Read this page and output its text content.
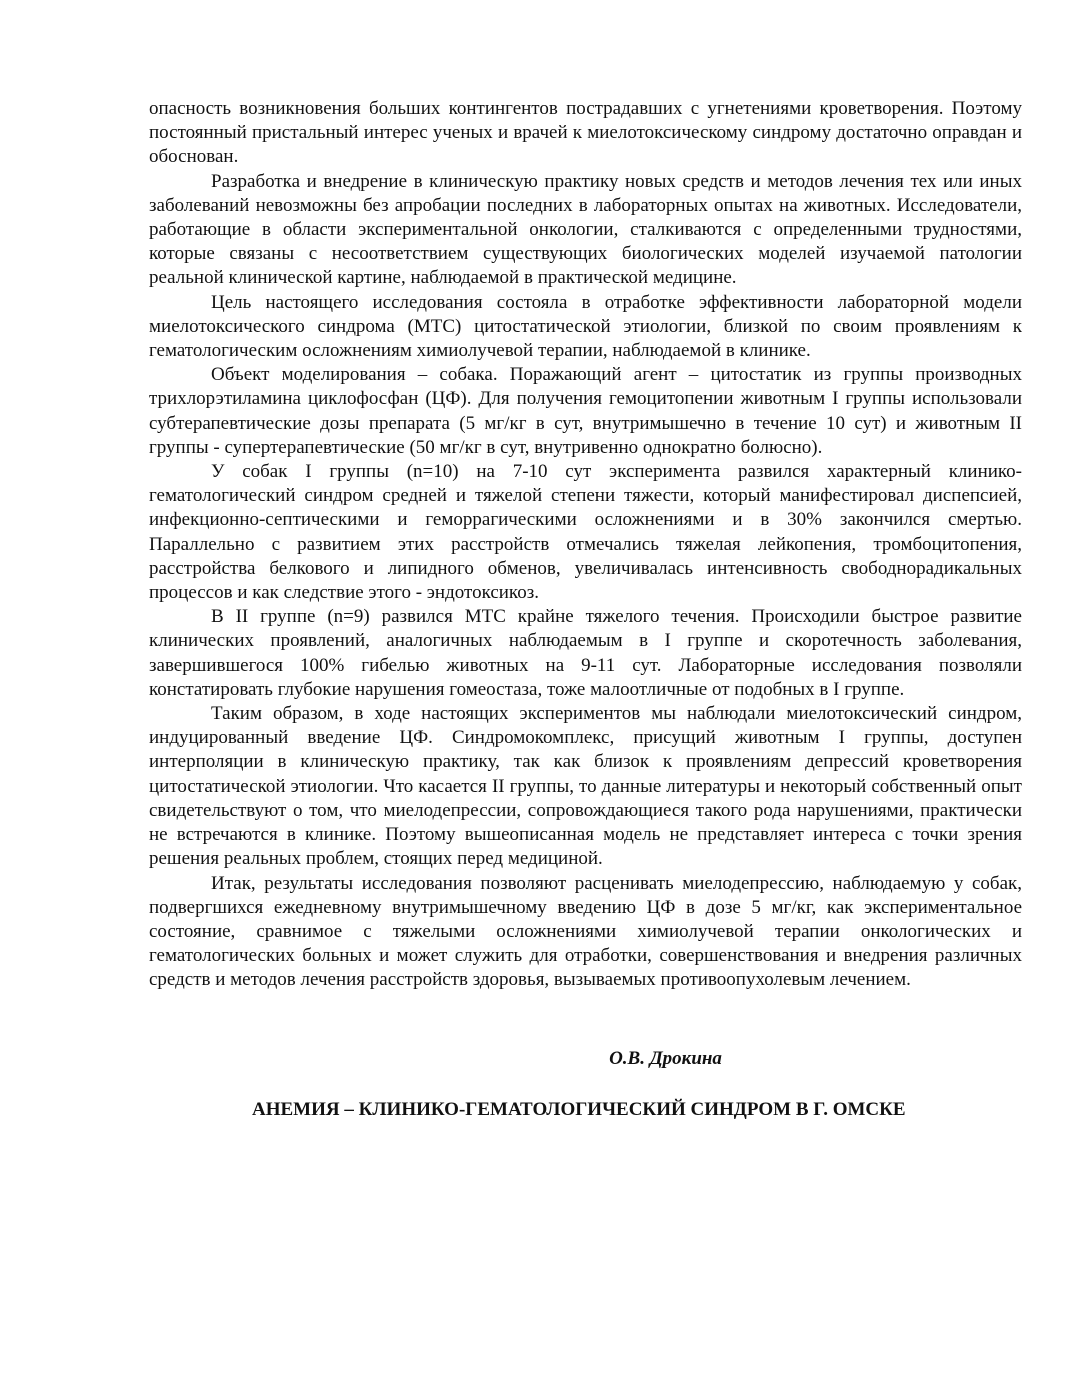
опасность возникновения больших контингентов пострадавших с угнетениями кроветворения. Поэтому постоянный пристальный интерес ученых и врачей к миелотоксическому синдрому достаточно оправдан и обоснован.

Разработка и внедрение в клиническую практику новых средств и методов лечения тех или иных заболеваний невозможны без апробации последних в лабораторных опытах на животных. Исследователи, работающие в области экспериментальной онкологии, сталкиваются с определенными трудностями, которые связаны с несоответствием существующих биологических моделей изучаемой патологии реальной клинической картине, наблюдаемой в практической медицине.

Цель настоящего исследования состояла в отработке эффективности лабораторной модели миелотоксического синдрома (МТС) цитостатической этиологии, близкой по своим проявлениям к гематологическим осложнениям химиолучевой терапии, наблюдаемой в клинике.

Объект моделирования – собака. Поражающий агент – цитостатик из группы производных трихлорэтиламина циклофосфан (ЦФ). Для получения гемоцитопении животным I группы использовали субтерапевтические дозы препарата (5 мг/кг в сут, внутримышечно в течение 10 сут) и животным II группы - супертерапевтические (50 мг/кг в сут, внутривенно однократно болюсно).

У собак I группы (n=10) на 7-10 сут эксперимента развился характерный клинико-гематологический синдром средней и тяжелой степени тяжести, который манифестировал диспепсией, инфекционно-септическими и геморрагическими осложнениями и в 30% закончился смертью. Параллельно с развитием этих расстройств отмечались тяжелая лейкопения, тромбоцитопения, расстройства белкового и липидного обменов, увеличивалась интенсивность свободнорадикальных процессов и как следствие этого - эндотоксикоз.

В II группе (n=9) развился МТС крайне тяжелого течения. Происходили быстрое развитие клинических проявлений, аналогичных наблюдаемым в I группе и скоротечность заболевания, завершившегося 100% гибелью животных на 9-11 сут. Лабораторные исследования позволяли констатировать глубокие нарушения гомеостаза, тоже малоотличные от подобных в I группе.

Таким образом, в ходе настоящих экспериментов мы наблюдали миелотоксический синдром, индуцированный введение ЦФ. Синдромокомплекс, присущий животным I группы, доступен интерполяции в клиническую практику, так как близок к проявлениям депрессий кроветворения цитостатической этиологии. Что касается II группы, то данные литературы и некоторый собственный опыт свидетельствуют о том, что миелодепрессии, сопровождающиеся такого рода нарушениями, практически не встречаются в клинике. Поэтому вышеописанная модель не представляет интереса с точки зрения решения реальных проблем, стоящих перед медициной.

Итак, результаты исследования позволяют расценивать миелодепрессию, наблюдаемую у собак, подвергшихся ежедневному внутримышечному введению ЦФ в дозе 5 мг/кг, как экспериментальное состояние, сравнимое с тяжелыми осложнениями химиолучевой терапии онкологических и гематологических больных и может служить для отработки, совершенствования и внедрения различных средств и методов лечения расстройств здоровья, вызываемых противоопухолевым лечением.

О.В. Дрокина
АНЕМИЯ – КЛИНИКО-ГЕМАТОЛОГИЧЕСКИЙ СИНДРОМ В Г. ОМСКЕ
